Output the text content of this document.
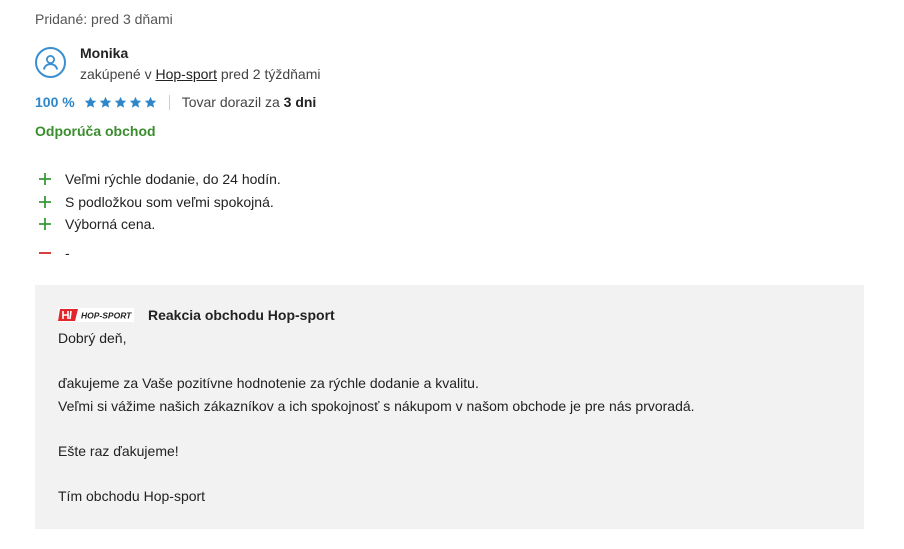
Pridané: pred 3 dňami
Monika
zakúpené v Hop-sport pred 2 týždňami
100 %	Tovar dorazil za 3 dni
Odporúča obchod
Veľmi rýchle dodanie, do 24 hodín.
S podložkou som veľmi spokojná.
Výborná cena.
-
HOP-SPORT Reakcia obchodu Hop-sport

Dobrý deň,

ďakujeme za Vaše pozitívne hodnotenie za rýchle dodanie a kvalitu.

Veľmi si vážime našich zákazníkov a ich spokojnosť s nákupom v našom obchode je pre nás prvoradá.

Ešte raz ďakujeme!

Tím obchodu Hop-sport
